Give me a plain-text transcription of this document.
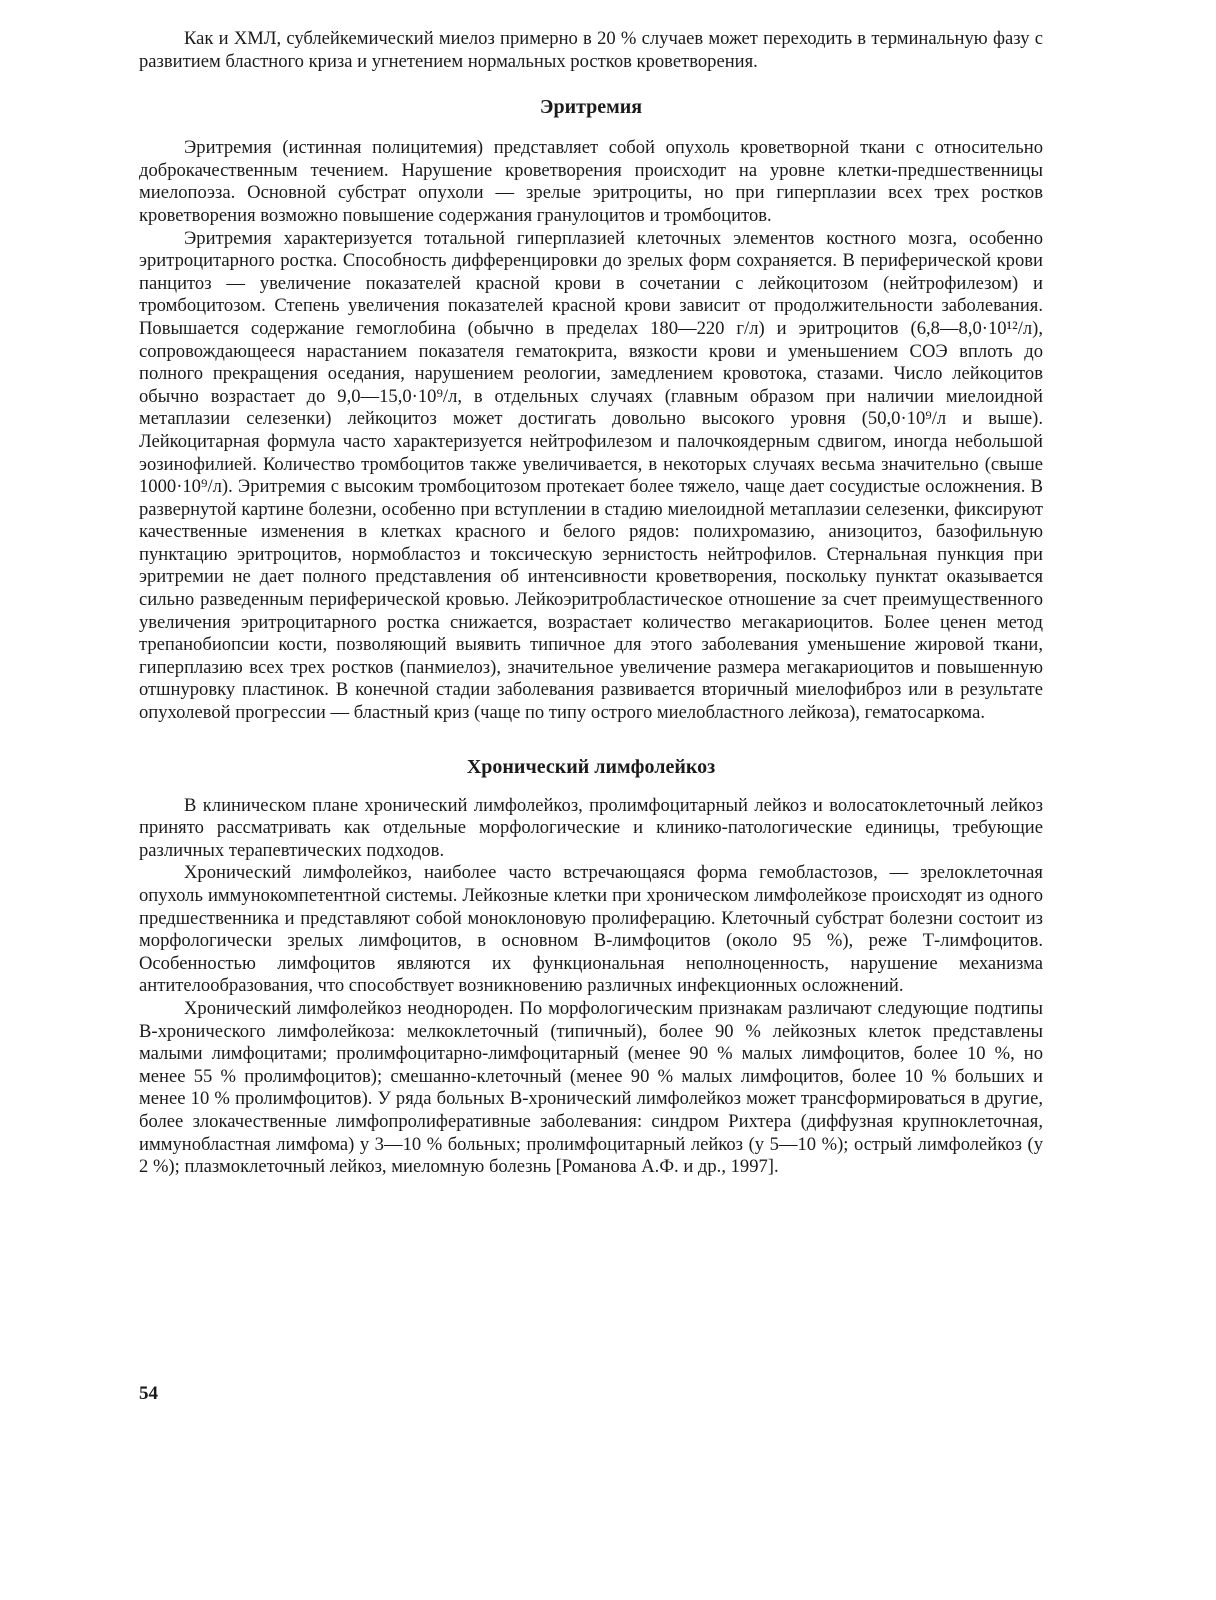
Как и ХМЛ, сублейкемический миелоз примерно в 20 % случаев может переходить в терминальную фазу с развитием бластного криза и угнетением нормальных ростков кроветворения.

Эритремия

Эритремия (истинная полицитемия) представляет собой опухоль кроветворной ткани с относительно доброкачественным течением. Нарушение кроветворения происходит на уровне клетки-предшественницы миелопоэза. Основной субстрат опухоли — зрелые эритроциты, но при гиперплазии всех трех ростков кроветворения возможно повышение содержания гранулоцитов и тромбоцитов.

Эритремия характеризуется тотальной гиперплазией клеточных элементов костного мозга, особенно эритроцитарного ростка. Способность дифференцировки до зрелых форм сохраняется. В периферической крови панцитоз — увеличение показателей красной крови в сочетании с лейкоцитозом (нейтрофилезом) и тромбоцитозом. Степень увеличения показателей красной крови зависит от продолжительности заболевания. Повышается содержание гемоглобина (обычно в пределах 180—220 г/л) и эритроцитов (6,8—8,0·10¹²/л), сопровождающееся нарастанием показателя гематокрита, вязкости крови и уменьшением СОЭ вплоть до полного прекращения оседания, нарушением реологии, замедлением кровотока, стазами. Число лейкоцитов обычно возрастает до 9,0—15,0·10⁹/л, в отдельных случаях (главным образом при наличии миелоидной метаплазии селезенки) лейкоцитоз может достигать довольно высокого уровня (50,0·10⁹/л и выше). Лейкоцитарная формула часто характеризуется нейтрофилезом и палочкоядерным сдвигом, иногда небольшой эозинофилией. Количество тромбоцитов также увеличивается, в некоторых случаях весьма значительно (свыше 1000·10⁹/л). Эритремия с высоким тромбоцитозом протекает более тяжело, чаще дает сосудистые осложнения. В развернутой картине болезни, особенно при вступлении в стадию миелоидной метаплазии селезенки, фиксируют качественные изменения в клетках красного и белого рядов: полихромазию, анизоцитоз, базофильную пунктацию эритроцитов, нормобластоз и токсическую зернистость нейтрофилов. Стернальная пункция при эритремии не дает полного представления об интенсивности кроветворения, поскольку пунктат оказывается сильно разведенным периферической кровью. Лейкоэритробластическое отношение за счет преимущественного увеличения эритроцитарного ростка снижается, возрастает количество мегакариоцитов. Более ценен метод трепанобиопсии кости, позволяющий выявить типичное для этого заболевания уменьшение жировой ткани, гиперплазию всех трех ростков (панмиелоз), значительное увеличение размера мегакариоцитов и повышенную отшнуровку пластинок. В конечной стадии заболевания развивается вторичный миелофиброз или в результате опухолевой прогрессии — бластный криз (чаще по типу острого миелобластного лейкоза), гематосаркома.

Хронический лимфолейкоз

В клиническом плане хронический лимфолейкоз, пролимфоцитарный лейкоз и волосатоклеточный лейкоз принято рассматривать как отдельные морфологические и клинико-патологические единицы, требующие различных терапевтических подходов.

Хронический лимфолейкоз, наиболее часто встречающаяся форма гемобластозов, — зрелоклеточная опухоль иммунокомпетентной системы. Лейкозные клетки при хроническом лимфолейкозе происходят из одного предшественника и представляют собой моноклоновую пролиферацию. Клеточный субстрат болезни состоит из морфологически зрелых лимфоцитов, в основном В-лимфоцитов (около 95 %), реже Т-лимфоцитов. Особенностью лимфоцитов являются их функциональная неполноценность, нарушение механизма антителообразования, что способствует возникновению различных инфекционных осложнений.

Хронический лимфолейкоз неоднороден. По морфологическим признакам различают следующие подтипы В-хронического лимфолейкоза: мелкоклеточный (типичный), более 90 % лейкозных клеток представлены малыми лимфоцитами; пролимфоцитарно-лимфоцитарный (менее 90 % малых лимфоцитов, более 10 %, но менее 55 % пролимфоцитов); смешанно-клеточный (менее 90 % малых лимфоцитов, более 10 % больших и менее 10 % пролимфоцитов). У ряда больных В-хронический лимфолейкоз может трансформироваться в другие, более злокачественные лимфопролиферативные заболевания: синдром Рихтера (диффузная крупноклеточная, иммунобластная лимфома) у 3—10 % больных; пролимфоцитарный лейкоз (у 5—10 %); острый лимфолейкоз (у 2 %); плазмоклеточный лейкоз, миеломную болезнь [Романова А.Ф. и др., 1997].

54
